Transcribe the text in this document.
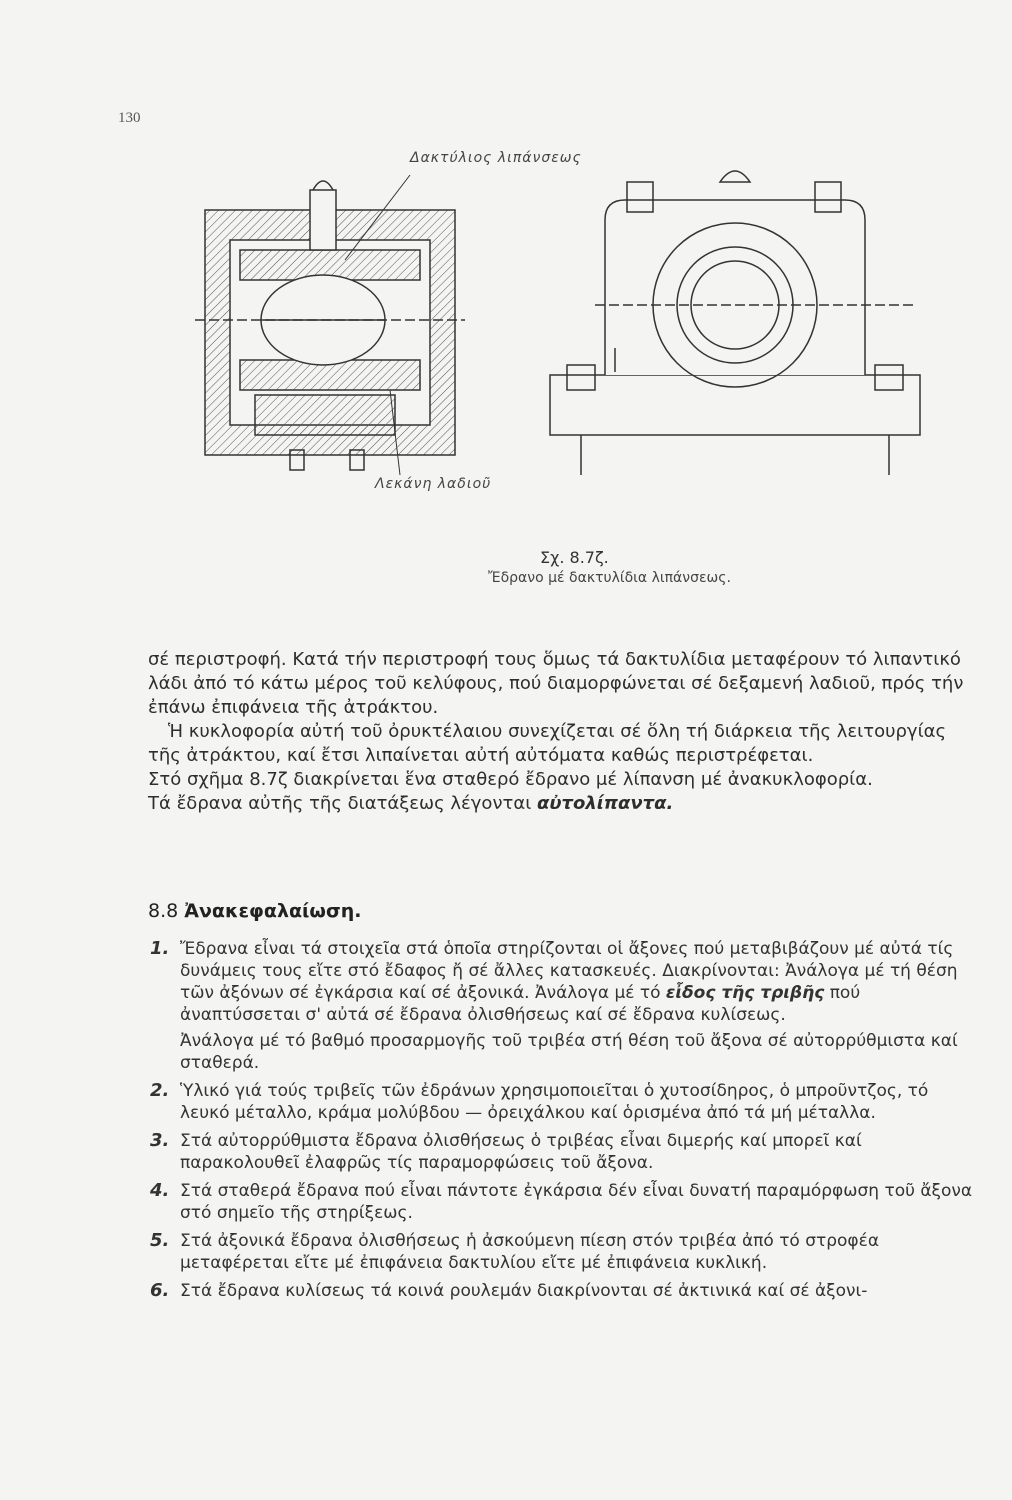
130
Δακτύλιος λιπάνσεως
Λεκάνη λαδιοῦ
Σχ. 8.7ζ.
Ἔδρανο μέ δακτυλίδια λιπάνσεως.

σέ περιστροφή. Κατά τήν περιστροφή τους ὅμως τά δακτυλίδια μεταφέρουν τό λιπαντικό λάδι ἀπό τό κάτω μέρος τοῦ κελύφους, πού διαμορφώνεται σέ δεξαμενή λαδιοῦ, πρός τήν ἐπάνω ἐπιφάνεια τῆς ἀτράκτου.

Ἡ κυκλοφορία αὐτή τοῦ ὀρυκτέλαιου συνεχίζεται σέ ὅλη τή διάρκεια τῆς λειτουργίας τῆς ἀτράκτου, καί ἔτσι λιπαίνεται αὐτή αὐτόματα καθώς περιστρέφεται.

Στό σχῆμα 8.7ζ διακρίνεται ἕνα σταθερό ἔδρανο μέ λίπανση μέ ἀνακυκλοφορία.

Τά ἔδρανα αὐτῆς τῆς διατάξεως λέγονται αὐτολίπαντα.

8.8 Ἀνακεφαλαίωση.
1. Ἔδρανα εἶναι τά στοιχεῖα στά ὁποῖα στηρίζονται οἱ ἄξονες πού μεταβιβάζουν μέ αὐτά τίς δυνάμεις τους εἴτε στό ἔδαφος ἤ σέ ἄλλες κατασκευές. Διακρίνονται: Ἀνάλογα μέ τή θέση τῶν ἀξόνων σέ ἐγκάρσια καί σέ ἀξονικά. Ἀνάλογα μέ τό εἶδος τῆς τριβῆς πού ἀναπτύσσεται σ' αὐτά σέ ἔδρανα ὀλισθήσεως καί σέ ἔδρανα κυλίσεως.

Ἀνάλογα μέ τό βαθμό προσαρμογῆς τοῦ τριβέα στή θέση τοῦ ἄξονα σέ αὐτορρύθμιστα καί σταθερά.

2. Ὑλικό γιά τούς τριβεῖς τῶν ἐδράνων χρησιμοποιεῖται ὁ χυτοσίδηρος, ὁ μπροῦντζος, τό λευκό μέταλλο, κράμα μολύβδου — ὀρειχάλκου καί ὁρισμένα ἀπό τά μή μέταλλα.

3. Στά αὐτορρύθμιστα ἔδρανα ὀλισθήσεως ὁ τριβέας εἶναι διμερής καί μπορεῖ καί παρακολουθεῖ ἐλαφρῶς τίς παραμορφώσεις τοῦ ἄξονα.

4. Στά σταθερά ἔδρανα πού εἶναι πάντοτε ἐγκάρσια δέν εἶναι δυνατή παραμόρφωση τοῦ ἄξονα στό σημεῖο τῆς στηρίξεως.

5. Στά ἀξονικά ἔδρανα ὀλισθήσεως ἡ ἀσκούμενη πίεση στόν τριβέα ἀπό τό στροφέα μεταφέρεται εἴτε μέ ἐπιφάνεια δακτυλίου εἴτε μέ ἐπιφάνεια κυκλική.

6. Στά ἔδρανα κυλίσεως τά κοινά ρουλεμάν διακρίνονται σέ ἀκτινικά καί σέ ἀξονι-
